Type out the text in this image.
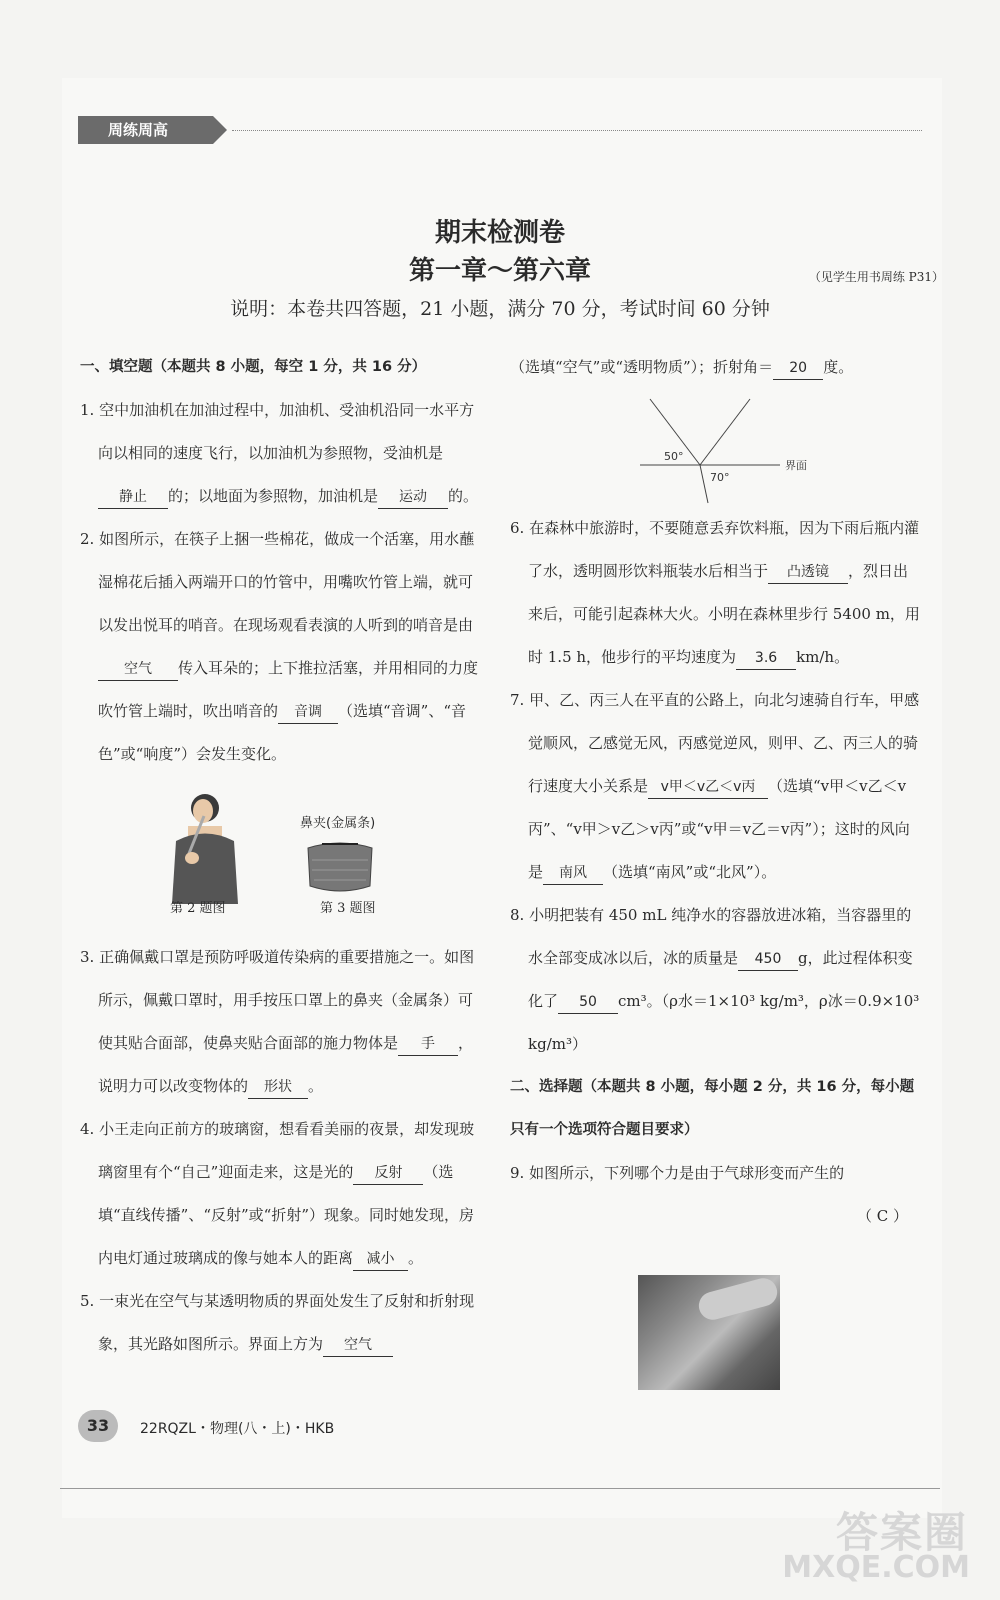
周练周高
期末检测卷
第一章～第六章	（见学生用书周练 P31）
说明：本卷共四答题，21 小题，满分 70 分，考试时间 60 分钟
一、填空题（本题共 8 小题，每空 1 分，共 16 分）

1. 空中加油机在加油过程中，加油机、受油机沿同一水平方向以相同的速度飞行，以加油机为参照物，受油机是静止 的；以地面为参照物，加油机是 运动 的。

2. 如图所示，在筷子上捆一些棉花，做成一个活塞，用水蘸湿棉花后插入两端开口的竹管中，用嘴吹竹管上端，就可以发出悦耳的哨音。在现场观看表演的人听到的哨音是由空气 传入耳朵的；上下推拉活塞，并用相同的力度吹竹管上端时，吹出哨音的 音调 （选填“音调”、“音色”或“响度”）会发生变化。

鼻夹(金属条)
第 2 题图	第 3 题图

3. 正确佩戴口罩是预防呼吸道传染病的重要措施之一。如图所示，佩戴口罩时，用手按压口罩上的鼻夹（金属条）可使其贴合面部，使鼻夹贴合面部的施力物体是 手 ，说明力可以改变物体的 形状 。

4. 小王走向正前方的玻璃窗，想看看美丽的夜景，却发现玻璃窗里有个“自己”迎面走来，这是光的 反射 （选填“直线传播”、“反射”或“折射”）现象。同时她发现，房内电灯通过玻璃成的像与她本人的距离 减小 。

5. 一束光在空气与某透明物质的界面处发生了反射和折射现象，其光路如图所示。界面上方为 空气

（选填“空气”或“透明物质”）；折射角＝ 20 度。

50°
70°
界面

6. 在森林中旅游时，不要随意丢弃饮料瓶，因为下雨后瓶内灌了水，透明圆形饮料瓶装水后相当于 凸透镜 ，烈日出来后，可能引起森林大火。小明在森林里步行 5400 m，用时 1.5 h，他步行的平均速度为 3.6 km/h。

7. 甲、乙、丙三人在平直的公路上，向北匀速骑自行车，甲感觉顺风，乙感觉无风，丙感觉逆风，则甲、乙、丙三人的骑行速度大小关系是 v甲＜v乙＜v丙 （选填“v甲＜v乙＜v丙”、“v甲＞v乙＞v丙”或“v甲＝v乙＝v丙”）；这时的风向是 南风 （选填“南风”或“北风”）。

8. 小明把装有 450 mL 纯净水的容器放进冰箱，当容器里的水全部变成冰以后，冰的质量是 450 g，此过程体积变化了 50 cm³。（ρ水＝1×10³ kg/m³，ρ冰＝0.9×10³ kg/m³）

二、选择题（本题共 8 小题，每小题 2 分，共 16 分，每小题只有一个选项符合题目要求）

9. 如图所示，下列哪个力是由于气球形变而产生的

（ C ）
33	22RQZL・物理(八・上)・HKB
答案圈
MXQE.COM
